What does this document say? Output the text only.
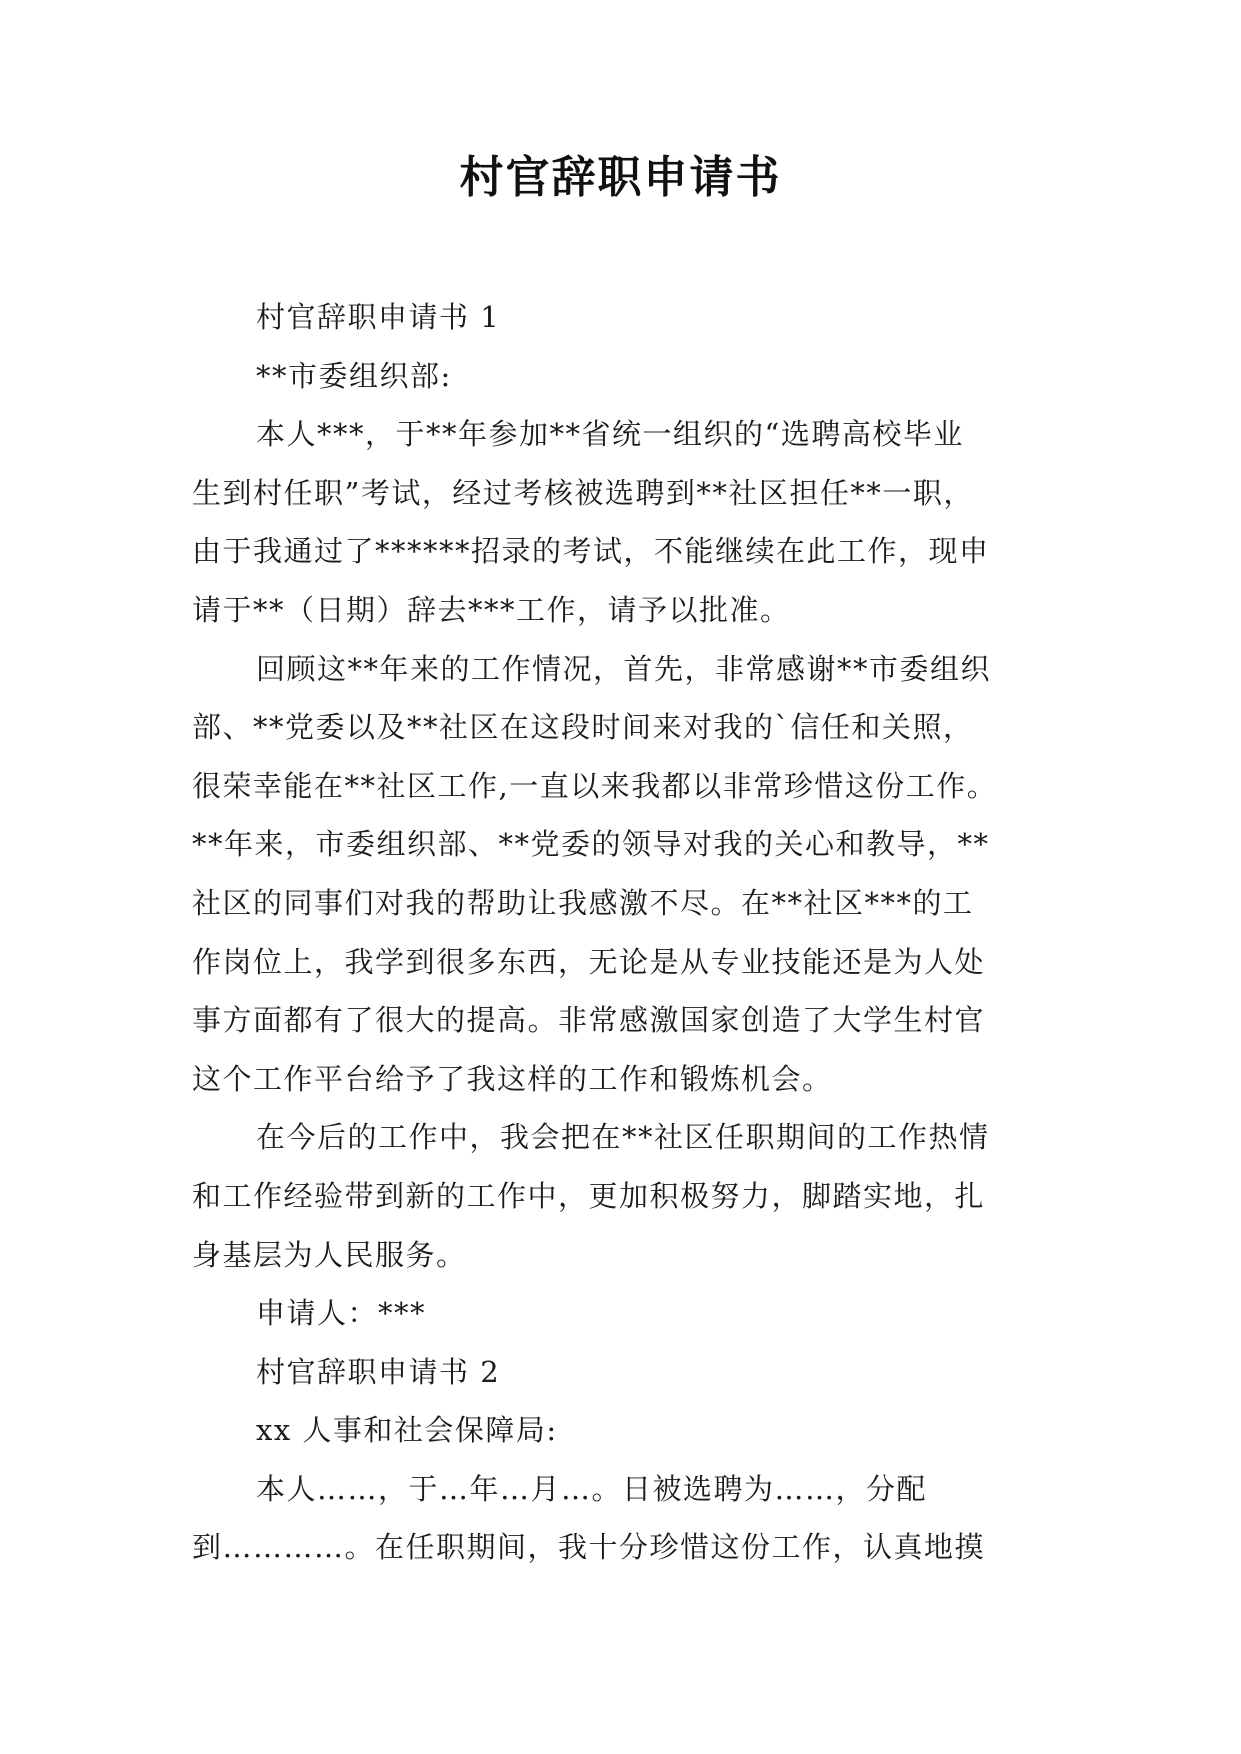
村官辞职申请书

村官辞职申请书 1

**市委组织部:

本人***，于**年参加**省统一组织的“选聘高校毕业

生到村任职”考试，经过考核被选聘到**社区担任**一职，

由于我通过了******招录的考试，不能继续在此工作，现申

请于**（日期）辞去***工作，请予以批准。

回顾这**年来的工作情况，首先，非常感谢**市委组织

部、**党委以及**社区在这段时间来对我的`信任和关照，

很荣幸能在**社区工作,一直以来我都以非常珍惜这份工作。

**年来，市委组织部、**党委的领导对我的关心和教导，**

社区的同事们对我的帮助让我感激不尽。在**社区***的工

作岗位上，我学到很多东西，无论是从专业技能还是为人处

事方面都有了很大的提高。非常感激国家创造了大学生村官

这个工作平台给予了我这样的工作和锻炼机会。

在今后的工作中，我会把在**社区任职期间的工作热情

和工作经验带到新的工作中，更加积极努力，脚踏实地，扎

身基层为人民服务。

申请人：***

村官辞职申请书 2

xx 人事和社会保障局:

本人……，于…年…月…。日被选聘为……，分配

到…………。在任职期间，我十分珍惜这份工作，认真地摸
